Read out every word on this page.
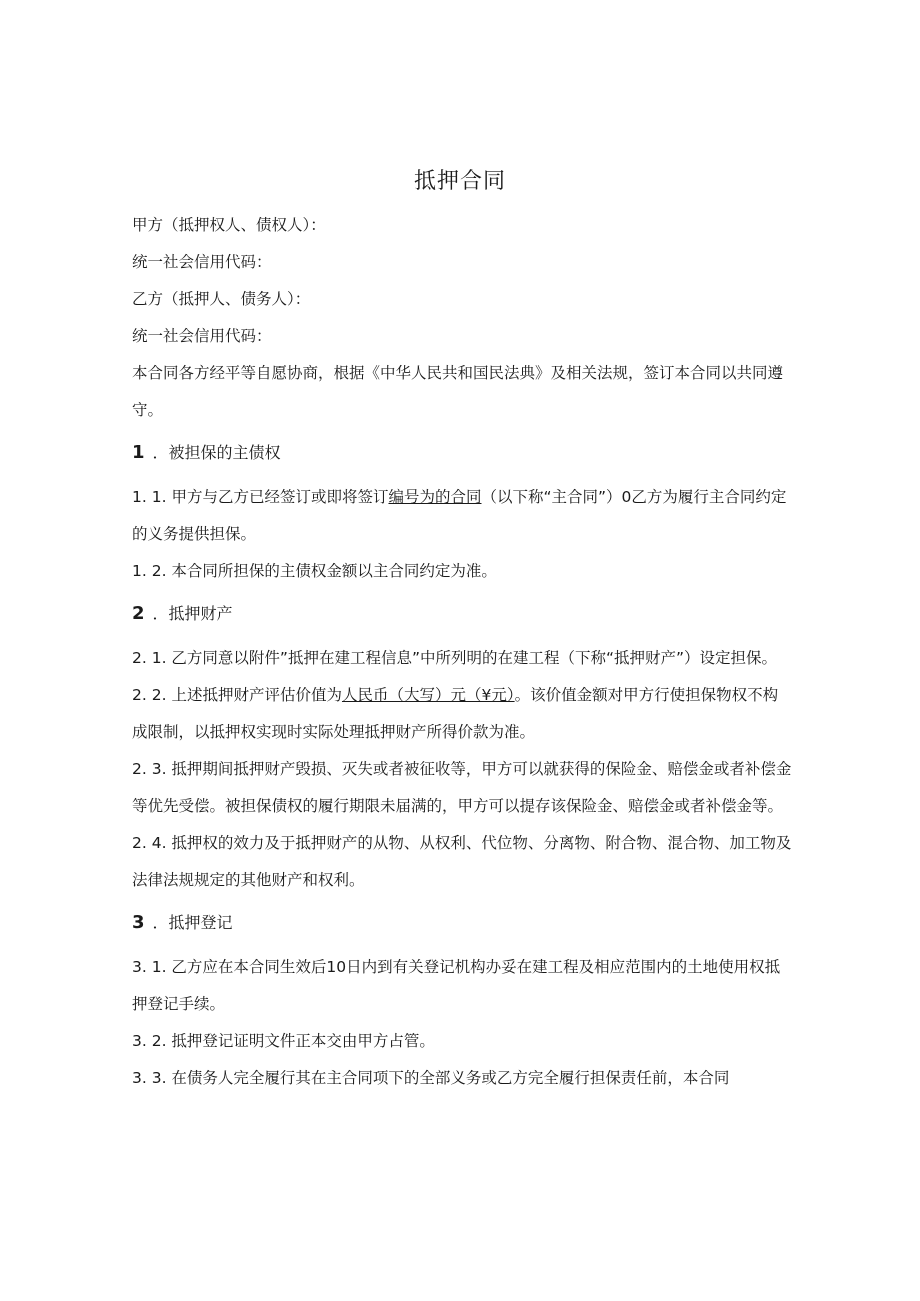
抵押合同

甲方（抵押权人、债权人）：

统一社会信用代码：

乙方（抵押人、债务人）：

统一社会信用代码：

本合同各方经平等自愿协商，根据《中华人民共和国民法典》及相关法规，签订本合同以共同遵守。

1 ．被担保的主债权

1. 1. 甲方与乙方已经签订或即将签订编号为的合同（以下称“主合同”）0乙方为履行主合同约定的义务提供担保。

1. 2. 本合同所担保的主债权金额以主合同约定为准。

2 ．抵押财产

2. 1. 乙方同意以附件”抵押在建工程信息”中所列明的在建工程（下称“抵押财产”）设定担保。

2. 2. 上述抵押财产评估价值为人民币（大写）元（¥元）。该价值金额对甲方行使担保物权不构成限制，以抵押权实现时实际处理抵押财产所得价款为准。

2. 3. 抵押期间抵押财产毁损、灭失或者被征收等，甲方可以就获得的保险金、赔偿金或者补偿金等优先受偿。被担保债权的履行期限未届满的，甲方可以提存该保险金、赔偿金或者补偿金等。

2. 4. 抵押权的效力及于抵押财产的从物、从权利、代位物、分离物、附合物、混合物、加工物及法律法规规定的其他财产和权利。

3 ．抵押登记

3. 1. 乙方应在本合同生效后10日内到有关登记机构办妥在建工程及相应范围内的土地使用权抵押登记手续。

3. 2. 抵押登记证明文件正本交由甲方占管。

3. 3. 在债务人完全履行其在主合同项下的全部义务或乙方完全履行担保责任前，本合同
